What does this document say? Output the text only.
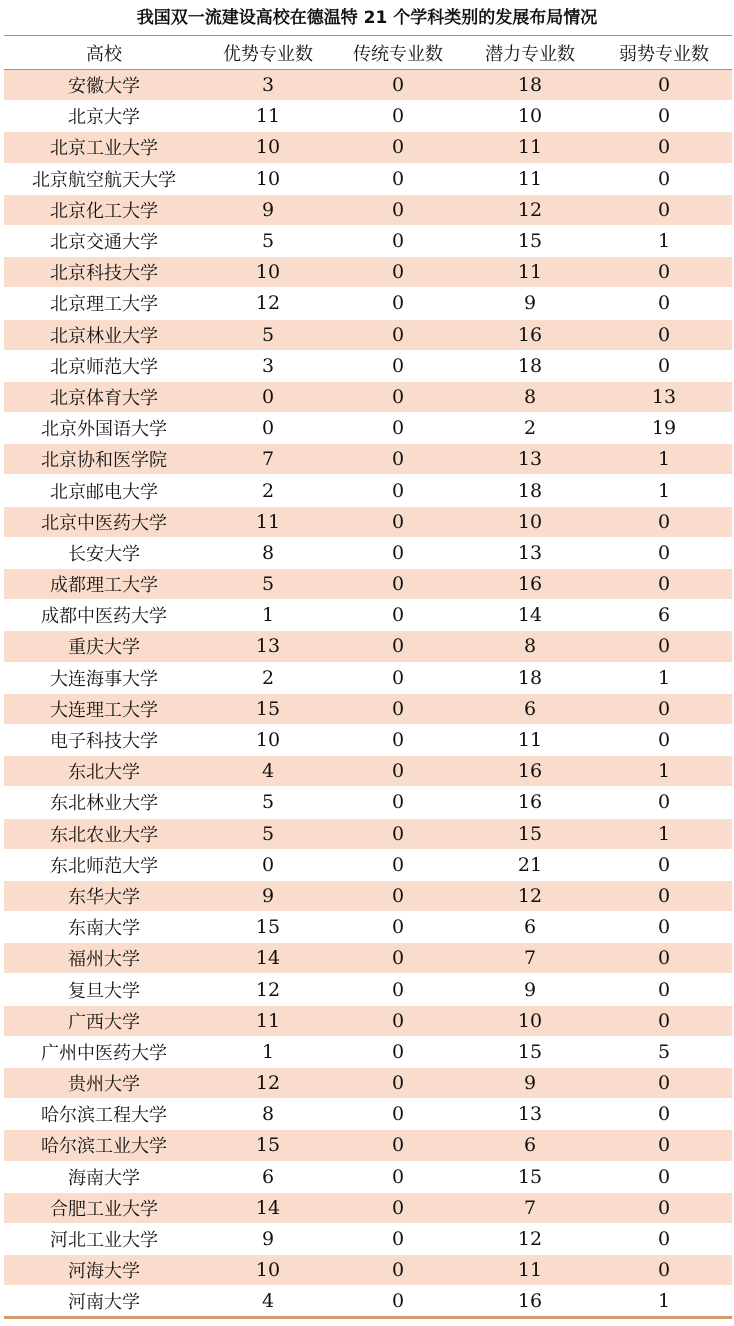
我国双一流建设高校在德温特 21 个学科类别的发展布局情况
高校	优势专业数	传统专业数	潜力专业数	弱势专业数
安徽大学	3	0	18	0
北京大学	11	0	10	0
北京工业大学	10	0	11	0
北京航空航天大学	10	0	11	0
北京化工大学	9	0	12	0
北京交通大学	5	0	15	1
北京科技大学	10	0	11	0
北京理工大学	12	0	9	0
北京林业大学	5	0	16	0
北京师范大学	3	0	18	0
北京体育大学	0	0	8	13
北京外国语大学	0	0	2	19
北京协和医学院	7	0	13	1
北京邮电大学	2	0	18	1
北京中医药大学	11	0	10	0
长安大学	8	0	13	0
成都理工大学	5	0	16	0
成都中医药大学	1	0	14	6
重庆大学	13	0	8	0
大连海事大学	2	0	18	1
大连理工大学	15	0	6	0
电子科技大学	10	0	11	0
东北大学	4	0	16	1
东北林业大学	5	0	16	0
东北农业大学	5	0	15	1
东北师范大学	0	0	21	0
东华大学	9	0	12	0
东南大学	15	0	6	0
福州大学	14	0	7	0
复旦大学	12	0	9	0
广西大学	11	0	10	0
广州中医药大学	1	0	15	5
贵州大学	12	0	9	0
哈尔滨工程大学	8	0	13	0
哈尔滨工业大学	15	0	6	0
海南大学	6	0	15	0
合肥工业大学	14	0	7	0
河北工业大学	9	0	12	0
河海大学	10	0	11	0
河南大学	4	0	16	1
